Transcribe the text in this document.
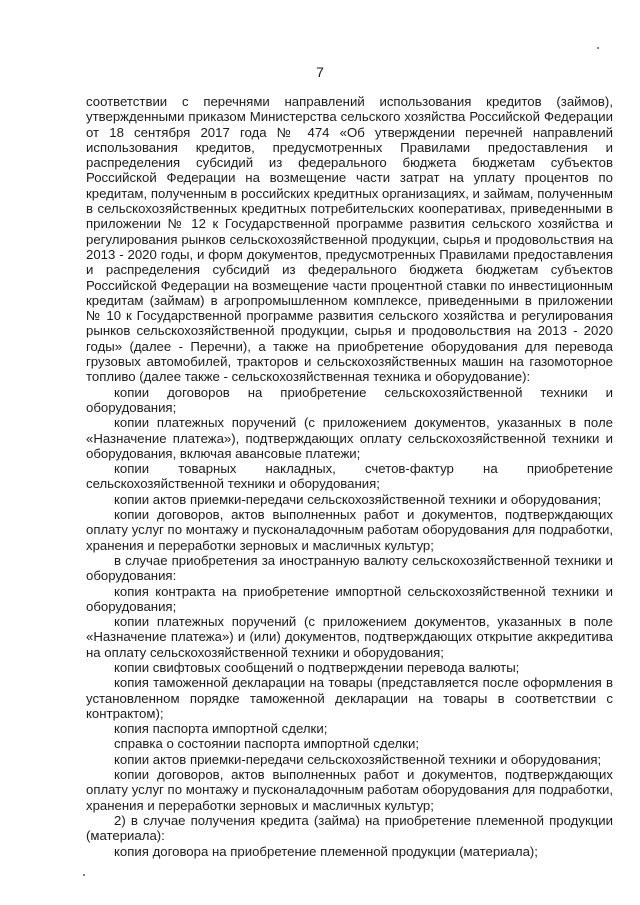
7

соответствии с перечнями направлений использования кредитов (займов), утвержденными приказом Министерства сельского хозяйства Российской Федерации от 18 сентября 2017 года № 474 «Об утверждении перечней направлений использования кредитов, предусмотренных Правилами предоставления и распределения субсидий из федерального бюджета бюджетам субъектов Российской Федерации на возмещение части затрат на уплату процентов по кредитам, полученным в российских кредитных организациях, и займам, полученным в сельскохозяйственных кредитных потребительских кооперативах, приведенными в приложении № 12 к Государственной программе развития сельского хозяйства и регулирования рынков сельскохозяйственной продукции, сырья и продовольствия на 2013 - 2020 годы, и форм документов, предусмотренных Правилами предоставления и распределения субсидий из федерального бюджета бюджетам субъектов Российской Федерации на возмещение части процентной ставки по инвестиционным кредитам (займам) в агропромышленном комплексе, приведенными в приложении № 10 к Государственной программе развития сельского хозяйства и регулирования рынков сельскохозяйственной продукции, сырья и продовольствия на 2013 - 2020 годы» (далее - Перечни), а также на приобретение оборудования для перевода грузовых автомобилей, тракторов и сельскохозяйственных машин на газомоторное топливо (далее также - сельскохозяйственная техника и оборудование):

копии договоров на приобретение сельскохозяйственной техники и оборудования;

копии платежных поручений (с приложением документов, указанных в поле «Назначение платежа»), подтверждающих оплату сельскохозяйственной техники и оборудования, включая авансовые платежи;

копии товарных накладных, счетов-фактур на приобретение сельскохозяйственной техники и оборудования;

копии актов приемки-передачи сельскохозяйственной техники и оборудования;

копии договоров, актов выполненных работ и документов, подтверждающих оплату услуг по монтажу и пусконаладочным работам оборудования для подработки, хранения и переработки зерновых и масличных культур;

в случае приобретения за иностранную валюту сельскохозяйственной техники и оборудования:

копия контракта на приобретение импортной сельскохозяйственной техники и оборудования;

копии платежных поручений (с приложением документов, указанных в поле «Назначение платежа») и (или) документов, подтверждающих открытие аккредитива на оплату сельскохозяйственной техники и оборудования;

копии свифтовых сообщений о подтверждении перевода валюты;

копия таможенной декларации на товары (представляется после оформления в установленном порядке таможенной декларации на товары в соответствии с контрактом);

копия паспорта импортной сделки;

справка о состоянии паспорта импортной сделки;

копии актов приемки-передачи сельскохозяйственной техники и оборудования;

копии договоров, актов выполненных работ и документов, подтверждающих оплату услуг по монтажу и пусконаладочным работам оборудования для подработки, хранения и переработки зерновых и масличных культур;

2) в случае получения кредита (займа) на приобретение племенной продукции (материала):

копия договора на приобретение племенной продукции (материала);
